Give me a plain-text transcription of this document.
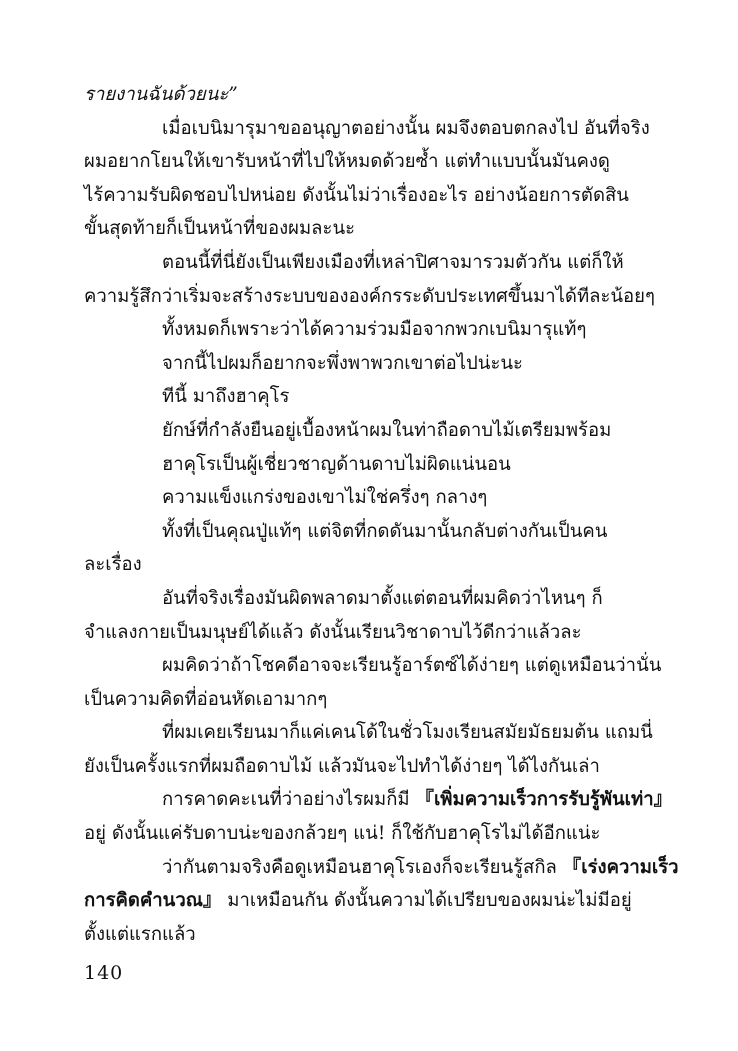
รายงานฉันด้วยนะ”
เมื่อเบนิมารุมาขออนุญาตอย่างนั้น ผมจึงตอบตกลงไป อันที่จริง
ผมอยากโยนให้เขารับหน้าที่ไปให้หมดด้วยซ้ำ แต่ทำแบบนั้นมันคงดู
ไร้ความรับผิดชอบไปหน่อย ดังนั้นไม่ว่าเรื่องอะไร อย่างน้อยการตัดสิน
ขั้นสุดท้ายก็เป็นหน้าที่ของผมละนะ
ตอนนี้ที่นี่ยังเป็นเพียงเมืองที่เหล่าปิศาจมารวมตัวกัน แต่ก็ให้
ความรู้สึกว่าเริ่มจะสร้างระบบขององค์กรระดับประเทศขึ้นมาได้ทีละน้อยๆ
ทั้งหมดก็เพราะว่าได้ความร่วมมือจากพวกเบนิมารุแท้ๆ
จากนี้ไปผมก็อยากจะพึ่งพาพวกเขาต่อไปน่ะนะ
ทีนี้ มาถึงฮาคุโร
ยักษ์ที่กำลังยืนอยู่เบื้องหน้าผมในท่าถือดาบไม้เตรียมพร้อม
ฮาคุโรเป็นผู้เชี่ยวชาญด้านดาบไม่ผิดแน่นอน
ความแข็งแกร่งของเขาไม่ใช่ครึ่งๆ กลางๆ
ทั้งที่เป็นคุณปู่แท้ๆ แต่จิตที่กดดันมานั้นกลับต่างกันเป็นคน
ละเรื่อง
อันที่จริงเรื่องมันผิดพลาดมาตั้งแต่ตอนที่ผมคิดว่าไหนๆ ก็
จำแลงกายเป็นมนุษย์ได้แล้ว ดังนั้นเรียนวิชาดาบไว้ดีกว่าแล้วละ
ผมคิดว่าถ้าโชคดีอาจจะเรียนรู้อาร์ตซ์ได้ง่ายๆ แต่ดูเหมือนว่านั่น
เป็นความคิดที่อ่อนหัดเอามากๆ
ที่ผมเคยเรียนมาก็แค่เคนโด้ในชั่วโมงเรียนสมัยมัธยมต้น แถมนี่
ยังเป็นครั้งแรกที่ผมถือดาบไม้ แล้วมันจะไปทำได้ง่ายๆ ได้ไงกันเล่า
การคาดคะเนที่ว่าอย่างไรผมก็มี 『เพิ่มความเร็วการรับรู้พันเท่า』
อยู่ ดังนั้นแค่รับดาบน่ะของกล้วยๆ แน่! ก็ใช้กับฮาคุโรไม่ได้อีกแน่ะ
ว่ากันตามจริงคือดูเหมือนฮาคุโรเองก็จะเรียนรู้สกิล 『เร่งความเร็ว
การคิดคำนวณ』 มาเหมือนกัน ดังนั้นความได้เปรียบของผมน่ะไม่มีอยู่
ตั้งแต่แรกแล้ว
140
